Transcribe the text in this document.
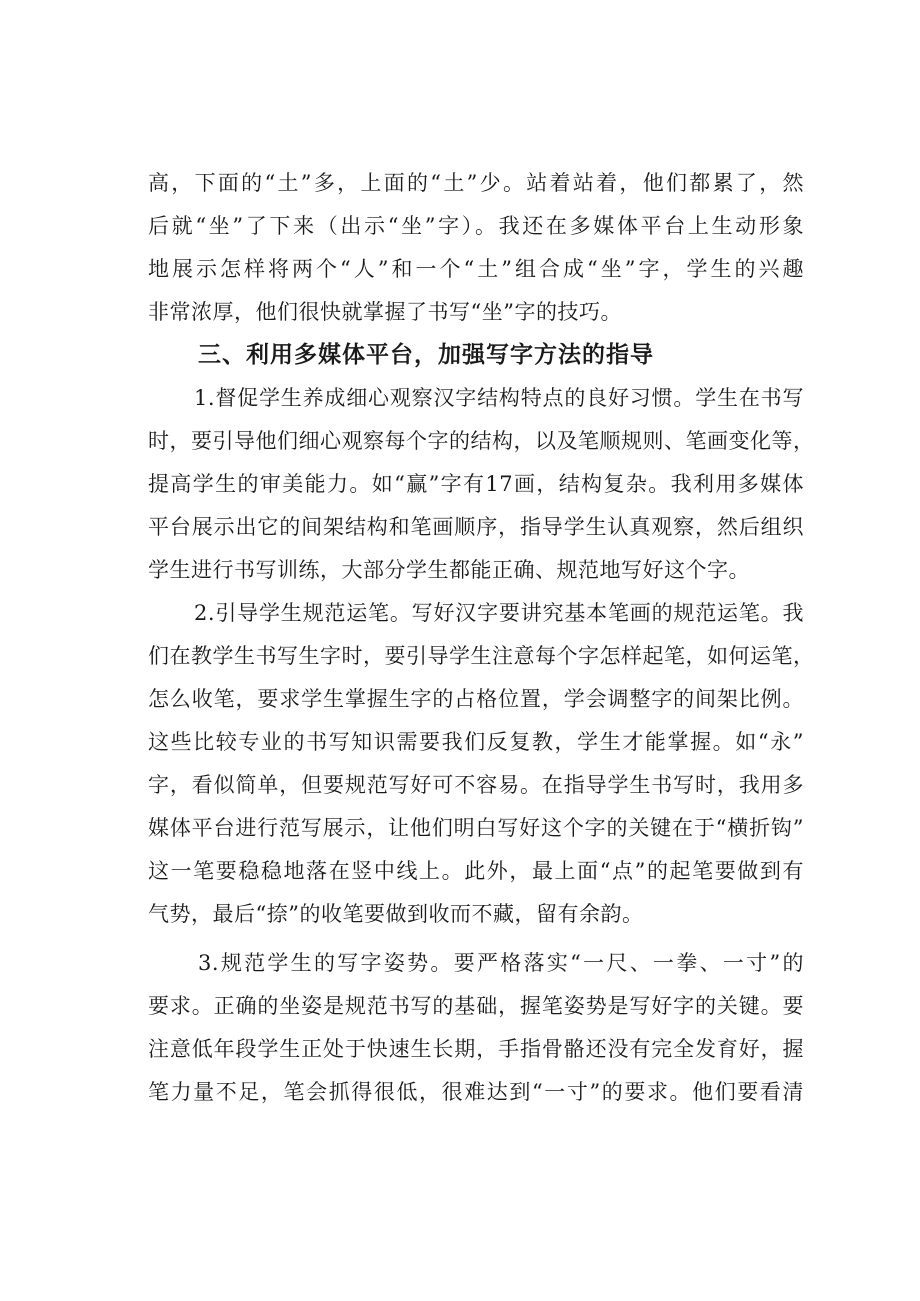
高，下面的“土”多，上面的“土”少。站着站着，他们都累了，然
后就“坐”了下来（出示“坐”字）。我还在多媒体平台上生动形象
地展示怎样将两个“人”和一个“土”组合成“坐”字，学生的兴趣
非常浓厚，他们很快就掌握了书写“坐”字的技巧。
三、利用多媒体平台，加强写字方法的指导
1.督促学生养成细心观察汉字结构特点的良好习惯。学生在书写
时，要引导他们细心观察每个字的结构，以及笔顺规则、笔画变化等，
提高学生的审美能力。如“赢”字有17画，结构复杂。我利用多媒体
平台展示出它的间架结构和笔画顺序，指导学生认真观察，然后组织
学生进行书写训练，大部分学生都能正确、规范地写好这个字。
2.引导学生规范运笔。写好汉字要讲究基本笔画的规范运笔。我
们在教学生书写生字时，要引导学生注意每个字怎样起笔，如何运笔，
怎么收笔，要求学生掌握生字的占格位置，学会调整字的间架比例。
这些比较专业的书写知识需要我们反复教，学生才能掌握。如“永”
字，看似简单，但要规范写好可不容易。在指导学生书写时，我用多
媒体平台进行范写展示，让他们明白写好这个字的关键在于“横折钩”
这一笔要稳稳地落在竖中线上。此外，最上面“点”的起笔要做到有
气势，最后“捺”的收笔要做到收而不藏，留有余韵。
3.规范学生的写字姿势。要严格落实“一尺、一拳、一寸”的
要求。正确的坐姿是规范书写的基础，握笔姿势是写好字的关键。要
注意低年段学生正处于快速生长期，手指骨骼还没有完全发育好，握
笔力量不足，笔会抓得很低，很难达到“一寸”的要求。他们要看清
